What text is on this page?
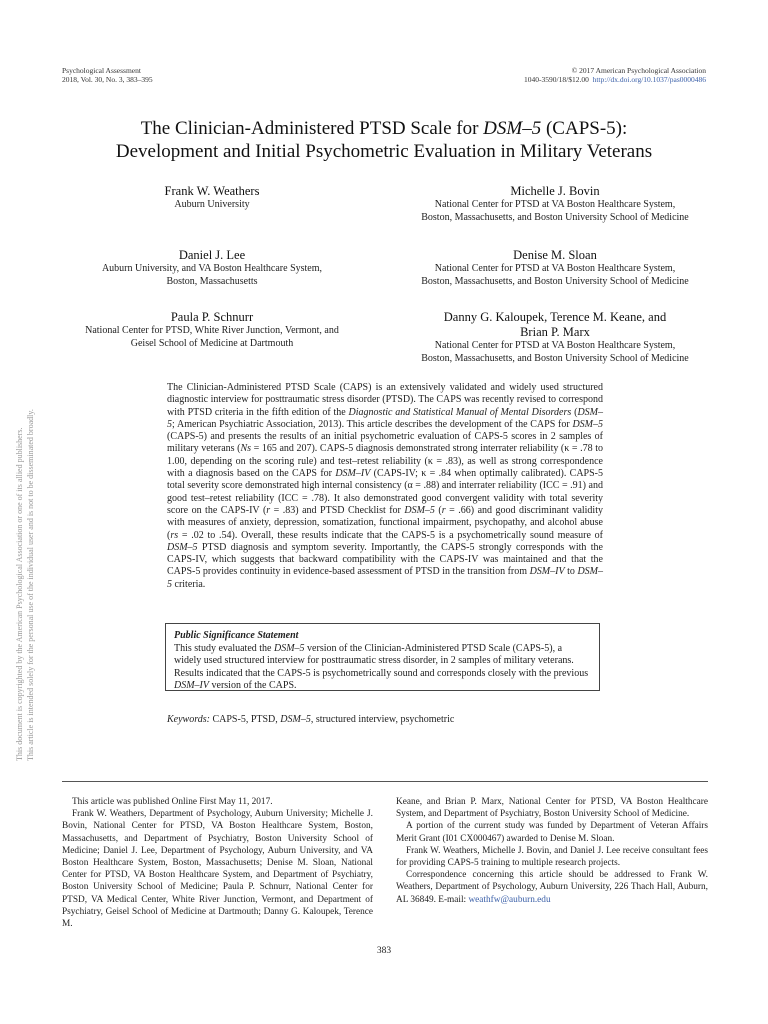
Psychological Assessment
2018, Vol. 30, No. 3, 383–395
© 2017 American Psychological Association
1040-3590/18/$12.00 http://dx.doi.org/10.1037/pas0000486
This document is copyrighted by the American Psychological Association or one of its allied publishers. This article is intended solely for the personal use of the individual user and is not to be disseminated broadly.
The Clinician-Administered PTSD Scale for DSM–5 (CAPS-5):
Development and Initial Psychometric Evaluation in Military Veterans
Frank W. Weathers
Auburn University
Daniel J. Lee
Auburn University, and VA Boston Healthcare System,
Boston, Massachusetts
Paula P. Schnurr
National Center for PTSD, White River Junction, Vermont, and
Geisel School of Medicine at Dartmouth
Michelle J. Bovin
National Center for PTSD at VA Boston Healthcare System,
Boston, Massachusetts, and Boston University School of Medicine
Denise M. Sloan
National Center for PTSD at VA Boston Healthcare System,
Boston, Massachusetts, and Boston University School of Medicine
Danny G. Kaloupek, Terence M. Keane, and
Brian P. Marx
National Center for PTSD at VA Boston Healthcare System,
Boston, Massachusetts, and Boston University School of Medicine
The Clinician-Administered PTSD Scale (CAPS) is an extensively validated and widely used structured diagnostic interview for posttraumatic stress disorder (PTSD). The CAPS was recently revised to correspond with PTSD criteria in the fifth edition of the Diagnostic and Statistical Manual of Mental Disorders (DSM–5; American Psychiatric Association, 2013). This article describes the development of the CAPS for DSM–5 (CAPS-5) and presents the results of an initial psychometric evaluation of CAPS-5 scores in 2 samples of military veterans (Ns = 165 and 207). CAPS-5 diagnosis demonstrated strong interrater reliability (κ = .78 to 1.00, depending on the scoring rule) and test–retest reliability (κ = .83), as well as strong correspondence with a diagnosis based on the CAPS for DSM–IV (CAPS-IV; κ = .84 when optimally calibrated). CAPS-5 total severity score demonstrated high internal consistency (α = .88) and interrater reliability (ICC = .91) and good test–retest reliability (ICC = .78). It also demonstrated good convergent validity with total severity score on the CAPS-IV (r = .83) and PTSD Checklist for DSM–5 (r = .66) and good discriminant validity with measures of anxiety, depression, somatization, functional impairment, psychopathy, and alcohol abuse (rs = .02 to .54). Overall, these results indicate that the CAPS-5 is a psychometrically sound measure of DSM–5 PTSD diagnosis and symptom severity. Importantly, the CAPS-5 strongly corresponds with the CAPS-IV, which suggests that backward compatibility with the CAPS-IV was maintained and that the CAPS-5 provides continuity in evidence-based assessment of PTSD in the transition from DSM–IV to DSM–5 criteria.
Public Significance Statement
This study evaluated the DSM–5 version of the Clinician-Administered PTSD Scale (CAPS-5), a widely used structured interview for posttraumatic stress disorder, in 2 samples of military veterans. Results indicated that the CAPS-5 is psychometrically sound and corresponds closely with the previous DSM–IV version of the CAPS.
Keywords: CAPS-5, PTSD, DSM–5, structured interview, psychometric

This article was published Online First May 11, 2017.

Frank W. Weathers, Department of Psychology, Auburn University; Michelle J. Bovin, National Center for PTSD, VA Boston Healthcare System, Boston, Massachusetts, and Department of Psychiatry, Boston University School of Medicine; Daniel J. Lee, Department of Psychology, Auburn University, and VA Boston Healthcare System, Boston, Massachusetts; Denise M. Sloan, National Center for PTSD, VA Boston Healthcare System, and Department of Psychiatry, Boston University School of Medicine; Paula P. Schnurr, National Center for PTSD, VA Medical Center, White River Junction, Vermont, and Department of Psychiatry, Geisel School of Medicine at Dartmouth; Danny G. Kaloupek, Terence M.

Keane, and Brian P. Marx, National Center for PTSD, VA Boston Healthcare System, and Department of Psychiatry, Boston University School of Medicine.

A portion of the current study was funded by Department of Veteran Affairs Merit Grant (I01 CX000467) awarded to Denise M. Sloan.

Frank W. Weathers, Michelle J. Bovin, and Daniel J. Lee receive consultant fees for providing CAPS-5 training to multiple research projects.

Correspondence concerning this article should be addressed to Frank W. Weathers, Department of Psychology, Auburn University, 226 Thach Hall, Auburn, AL 36849. E-mail: weathfw@auburn.edu

383
